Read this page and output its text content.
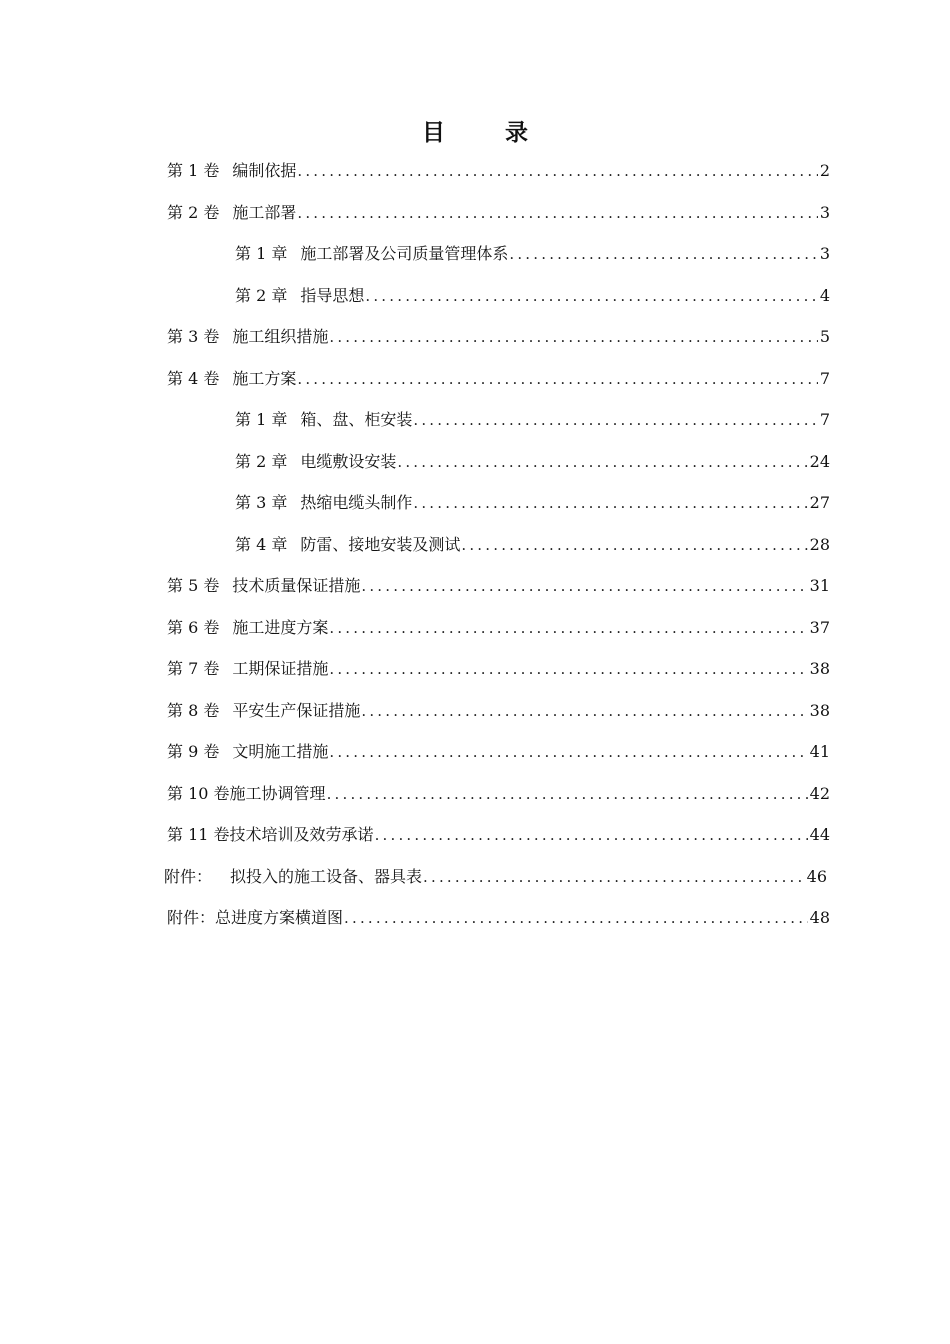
目 录
第 1 卷 编制依据 .....	2
第 2 卷 施工部署 .....	3
第 1 章 施工部署及公司质量管理体系 .....	3
第 2 章 指导思想 .....	4
第 3 卷 施工组织措施 .....	5
第 4 卷 施工方案 .....	7
第 1 章 箱、盘、柜安装 .....	7
第 2 章 电缆敷设安装 .....	24
第 3 章 热缩电缆头制作 .....	27
第 4 章 防雷、接地安装及测试 .....	28
第 5 卷 技术质量保证措施 .....	31
第 6 卷 施工进度方案 .....	37
第 7 卷 工期保证措施 .....	38
第 8 卷 平安生产保证措施 .....	38
第 9 卷 文明施工措施 .....	41
第 10 卷施工协调管理 .....	42
第 11 卷技术培训及效劳承诺 .....	44
附件： 拟投入的施工设备、器具表 .....	46
附件：总进度方案横道图 .....	48
